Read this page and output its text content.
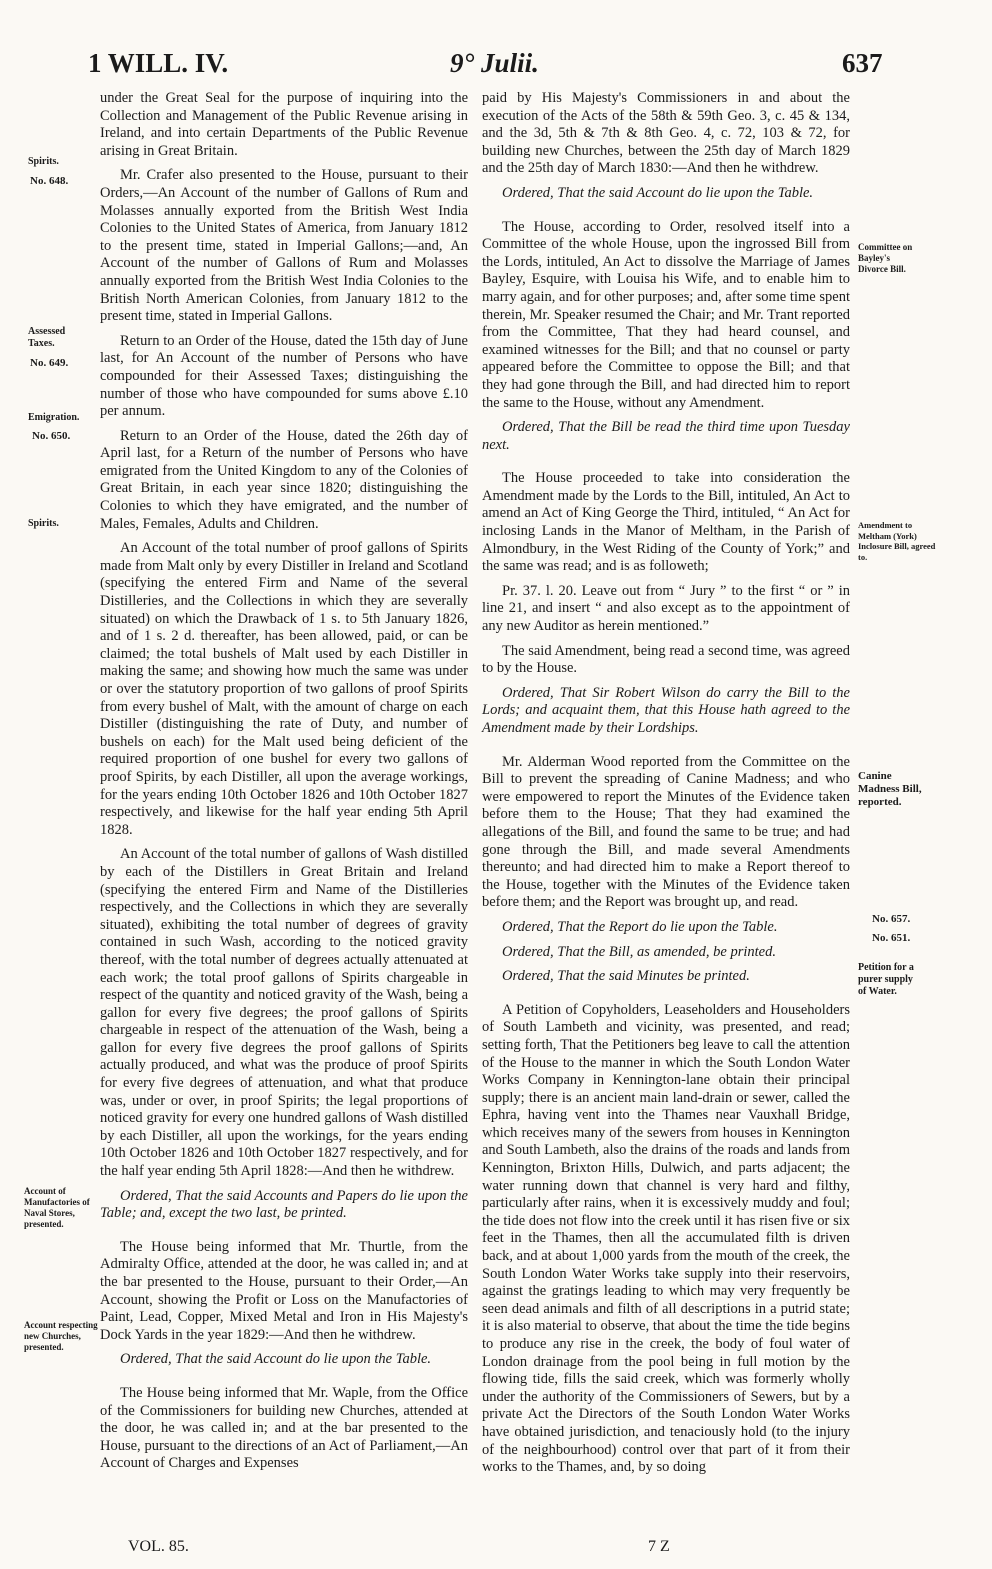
1 WILL. IV.	9° Julii.	637
Spirits.
No. 648.
Assessed Taxes.
No. 649.
Emigration.
No. 650.
Spirits.
Account of Manufactories of Naval Stores, presented.
Account respecting new Churches, presented.
Committee on Bayley's Divorce Bill.
Amendment to Meltham (York) Inclosure Bill, agreed to.
Canine Madness Bill, reported.
No. 657.
No. 651.
Petition for a purer supply of Water.

under the Great Seal for the purpose of inquiring into the Collection and Management of the Public Revenue arising in Ireland, and into certain Departments of the Public Revenue arising in Great Britain.

Mr. Crafer also presented to the House, pursuant to their Orders,—An Account of the number of Gallons of Rum and Molasses annually exported from the British West India Colonies to the United States of America, from January 1812 to the present time, stated in Imperial Gallons;—and, An Account of the number of Gallons of Rum and Molasses annually exported from the British West India Colonies to the British North American Colonies, from January 1812 to the present time, stated in Imperial Gallons.

Return to an Order of the House, dated the 15th day of June last, for An Account of the number of Persons who have compounded for their Assessed Taxes; distinguishing the number of those who have compounded for sums above £.10 per annum.

Return to an Order of the House, dated the 26th day of April last, for a Return of the number of Persons who have emigrated from the United Kingdom to any of the Colonies of Great Britain, in each year since 1820; distinguishing the Colonies to which they have emigrated, and the number of Males, Females, Adults and Children.

An Account of the total number of proof gallons of Spirits made from Malt only by every Distiller in Ireland and Scotland (specifying the entered Firm and Name of the several Distilleries, and the Collections in which they are severally situated) on which the Drawback of 1 s. to 5th January 1826, and of 1 s. 2 d. thereafter, has been allowed, paid, or can be claimed; the total bushels of Malt used by each Distiller in making the same; and showing how much the same was under or over the statutory proportion of two gallons of proof Spirits from every bushel of Malt, with the amount of charge on each Distiller (distinguishing the rate of Duty, and number of bushels on each) for the Malt used being deficient of the required proportion of one bushel for every two gallons of proof Spirits, by each Distiller, all upon the average workings, for the years ending 10th October 1826 and 10th October 1827 respectively, and likewise for the half year ending 5th April 1828.

An Account of the total number of gallons of Wash distilled by each of the Distillers in Great Britain and Ireland (specifying the entered Firm and Name of the Distilleries respectively, and the Collections in which they are severally situated), exhibiting the total number of degrees of gravity contained in such Wash, according to the noticed gravity thereof, with the total number of degrees actually attenuated at each work; the total proof gallons of Spirits chargeable in respect of the quantity and noticed gravity of the Wash, being a gallon for every five degrees; the proof gallons of Spirits chargeable in respect of the attenuation of the Wash, being a gallon for every five degrees the proof gallons of Spirits actually produced, and what was the produce of proof Spirits for every five degrees of attenuation, and what that produce was, under or over, in proof Spirits; the legal proportions of noticed gravity for every one hundred gallons of Wash distilled by each Distiller, all upon the workings, for the years ending 10th October 1826 and 10th October 1827 respectively, and for the half year ending 5th April 1828:—And then he withdrew.

Ordered, That the said Accounts and Papers do lie upon the Table; and, except the two last, be printed.

The House being informed that Mr. Thurtle, from the Admiralty Office, attended at the door, he was called in; and at the bar presented to the House, pursuant to their Order,—An Account, showing the Profit or Loss on the Manufactories of Paint, Lead, Copper, Mixed Metal and Iron in His Majesty's Dock Yards in the year 1829:—And then he withdrew.

Ordered, That the said Account do lie upon the Table.

The House being informed that Mr. Waple, from the Office of the Commissioners for building new Churches, attended at the door, he was called in; and at the bar presented to the House, pursuant to the directions of an Act of Parliament,—An Account of Charges and Expenses

paid by His Majesty's Commissioners in and about the execution of the Acts of the 58th & 59th Geo. 3, c. 45 & 134, and the 3d, 5th & 7th & 8th Geo. 4, c. 72, 103 & 72, for building new Churches, between the 25th day of March 1829 and the 25th day of March 1830:—And then he withdrew.

Ordered, That the said Account do lie upon the Table.

The House, according to Order, resolved itself into a Committee of the whole House, upon the ingrossed Bill from the Lords, intituled, An Act to dissolve the Marriage of James Bayley, Esquire, with Louisa his Wife, and to enable him to marry again, and for other purposes; and, after some time spent therein, Mr. Speaker resumed the Chair; and Mr. Trant reported from the Committee, That they had heard counsel, and examined witnesses for the Bill; and that no counsel or party appeared before the Committee to oppose the Bill; and that they had gone through the Bill, and had directed him to report the same to the House, without any Amendment.

Ordered, That the Bill be read the third time upon Tuesday next.

The House proceeded to take into consideration the Amendment made by the Lords to the Bill, intituled, An Act to amend an Act of King George the Third, intituled, “ An Act for inclosing Lands in the Manor of Meltham, in the Parish of Almondbury, in the West Riding of the County of York;” and the same was read; and is as followeth;

Pr. 37. l. 20. Leave out from “ Jury ” to the first “ or ” in line 21, and insert “ and also except as to the appointment of any new Auditor as herein mentioned.”

The said Amendment, being read a second time, was agreed to by the House.

Ordered, That Sir Robert Wilson do carry the Bill to the Lords; and acquaint them, that this House hath agreed to the Amendment made by their Lordships.

Mr. Alderman Wood reported from the Committee on the Bill to prevent the spreading of Canine Madness; and who were empowered to report the Minutes of the Evidence taken before them to the House; That they had examined the allegations of the Bill, and found the same to be true; and had gone through the Bill, and made several Amendments thereunto; and had directed him to make a Report thereof to the House, together with the Minutes of the Evidence taken before them; and the Report was brought up, and read.

Ordered, That the Report do lie upon the Table.

Ordered, That the Bill, as amended, be printed.

Ordered, That the said Minutes be printed.

A Petition of Copyholders, Leaseholders and Householders of South Lambeth and vicinity, was presented, and read; setting forth, That the Petitioners beg leave to call the attention of the House to the manner in which the South London Water Works Company in Kennington-lane obtain their principal supply; there is an ancient main land-drain or sewer, called the Ephra, having vent into the Thames near Vauxhall Bridge, which receives many of the sewers from houses in Kennington and South Lambeth, also the drains of the roads and lands from Kennington, Brixton Hills, Dulwich, and parts adjacent; the water running down that channel is very hard and filthy, particularly after rains, when it is excessively muddy and foul; the tide does not flow into the creek until it has risen five or six feet in the Thames, then all the accumulated filth is driven back, and at about 1,000 yards from the mouth of the creek, the South London Water Works take supply into their reservoirs, against the gratings leading to which may very frequently be seen dead animals and filth of all descriptions in a putrid state; it is also material to observe, that about the time the tide begins to produce any rise in the creek, the body of foul water of London drainage from the pool being in full motion by the flowing tide, fills the said creek, which was formerly wholly under the authority of the Commissioners of Sewers, but by a private Act the Directors of the South London Water Works have obtained jurisdiction, and tenaciously hold (to the injury of the neighbourhood) control over that part of it from their works to the Thames, and, by so doing

VOL. 85.	7 Z
